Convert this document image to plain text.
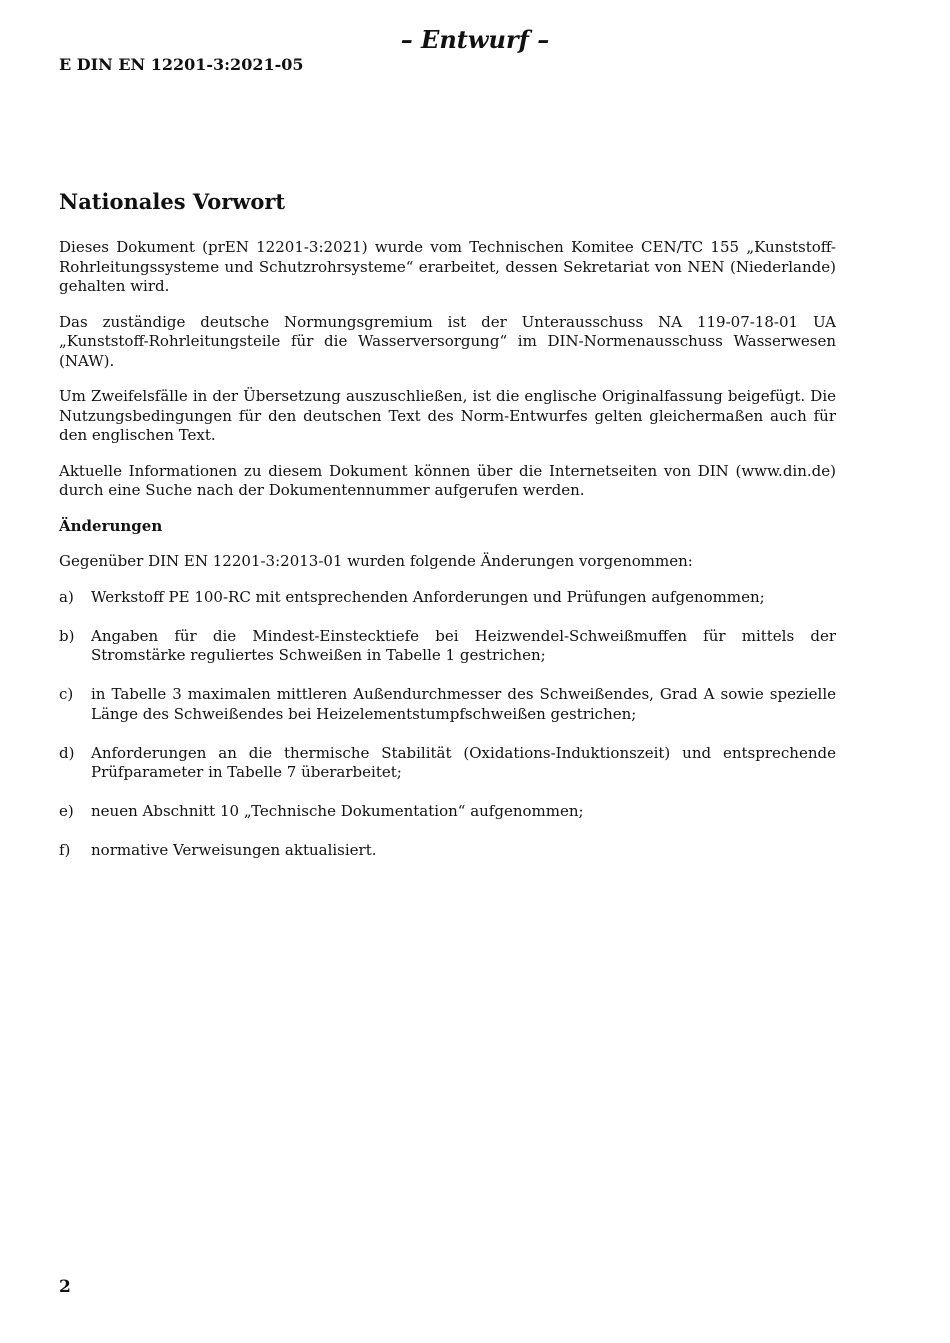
– Entwurf –
E DIN EN 12201-3:2021-05
Nationales Vorwort

Dieses Dokument (prEN 12201-3:2021) wurde vom Technischen Komitee CEN/TC 155 „Kunststoff-Rohrleitungssysteme und Schutzrohrsysteme“ erarbeitet, dessen Sekretariat von NEN (Niederlande) gehalten wird.

Das zuständige deutsche Normungsgremium ist der Unterausschuss NA 119-07-18-01 UA „Kunststoff-Rohrleitungsteile für die Wasserversorgung“ im DIN-Normenausschuss Wasserwesen (NAW).

Um Zweifelsfälle in der Übersetzung auszuschließen, ist die englische Originalfassung beigefügt. Die Nutzungsbedingungen für den deutschen Text des Norm-Entwurfes gelten gleichermaßen auch für den englischen Text.

Aktuelle Informationen zu diesem Dokument können über die Internetseiten von DIN (www.din.de) durch eine Suche nach der Dokumentennummer aufgerufen werden.

Änderungen

Gegenüber DIN EN 12201-3:2013-01 wurden folgende Änderungen vorgenommen:

a)	Werkstoff PE 100-RC mit entsprechenden Anforderungen und Prüfungen aufgenommen;
b)	Angaben für die Mindest-Einstecktiefe bei Heizwendel-Schweißmuffen für mittels der Stromstärke reguliertes Schweißen in Tabelle 1 gestrichen;
c)	in Tabelle 3 maximalen mittleren Außendurchmesser des Schweißendes, Grad A sowie spezielle Länge des Schweißendes bei Heizelementstumpfschweißen gestrichen;
d)	Anforderungen an die thermische Stabilität (Oxidations-Induktionszeit) und entsprechende Prüfparameter in Tabelle 7 überarbeitet;
e)	neuen Abschnitt 10 „Technische Dokumentation“ aufgenommen;
f)	normative Verweisungen aktualisiert.
2
